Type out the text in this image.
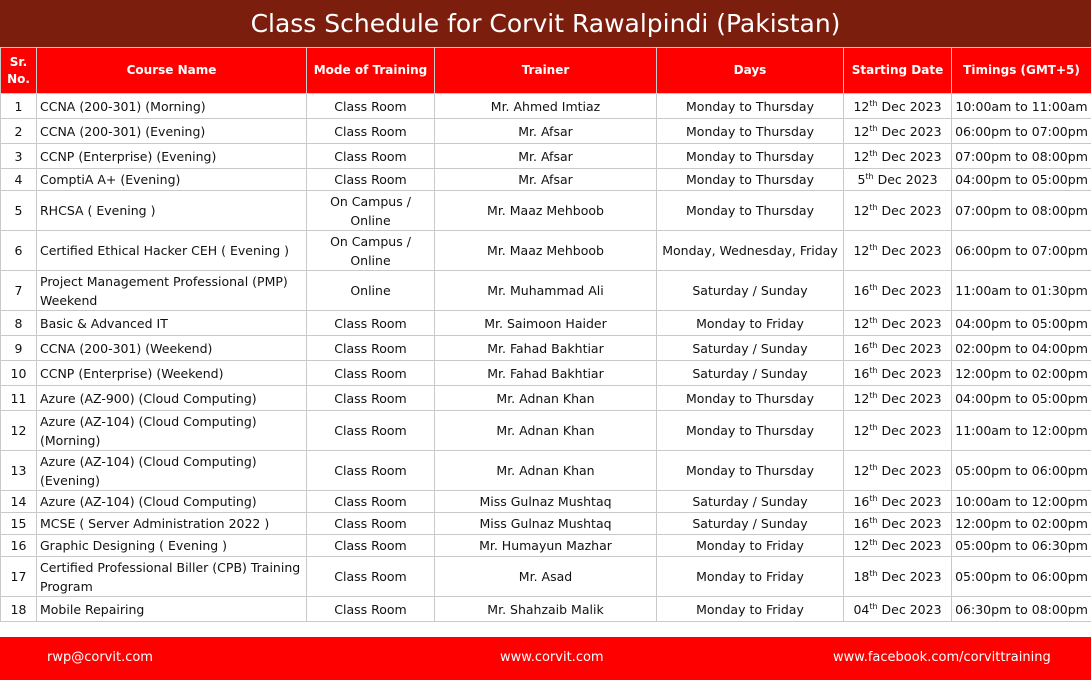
Class Schedule for Corvit Rawalpindi (Pakistan)
Sr. No.	Course Name	Mode of Training	Trainer	Days	Starting Date	Timings (GMT+5)
1	CCNA (200-301) (Morning)	Class Room	Mr. Ahmed Imtiaz	Monday to Thursday	12th Dec 2023	10:00am to 11:00am
2	CCNA (200-301) (Evening)	Class Room	Mr. Afsar	Monday to Thursday	12th Dec 2023	06:00pm to 07:00pm
3	CCNP (Enterprise) (Evening)	Class Room	Mr. Afsar	Monday to Thursday	12th Dec 2023	07:00pm to 08:00pm
4	ComptiA A+ (Evening)	Class Room	Mr. Afsar	Monday to Thursday	5th Dec 2023	04:00pm to 05:00pm
5	RHCSA ( Evening )	On Campus / Online	Mr. Maaz Mehboob	Monday to Thursday	12th Dec 2023	07:00pm to 08:00pm
6	Certified Ethical Hacker CEH ( Evening )	On Campus / Online	Mr. Maaz Mehboob	Monday, Wednesday, Friday	12th Dec 2023	06:00pm to 07:00pm
7	Project Management Professional (PMP) Weekend	Online	Mr. Muhammad Ali	Saturday / Sunday	16th Dec 2023	11:00am to 01:30pm
8	Basic & Advanced IT	Class Room	Mr. Saimoon Haider	Monday to Friday	12th Dec 2023	04:00pm to 05:00pm
9	CCNA (200-301) (Weekend)	Class Room	Mr. Fahad Bakhtiar	Saturday / Sunday	16th Dec 2023	02:00pm to 04:00pm
10	CCNP (Enterprise) (Weekend)	Class Room	Mr. Fahad Bakhtiar	Saturday / Sunday	16th Dec 2023	12:00pm to 02:00pm
11	Azure (AZ-900) (Cloud Computing)	Class Room	Mr. Adnan Khan	Monday to Thursday	12th Dec 2023	04:00pm to 05:00pm
12	Azure (AZ-104) (Cloud Computing) (Morning)	Class Room	Mr. Adnan Khan	Monday to Thursday	12th Dec 2023	11:00am to 12:00pm
13	Azure (AZ-104) (Cloud Computing) (Evening)	Class Room	Mr. Adnan Khan	Monday to Thursday	12th Dec 2023	05:00pm to 06:00pm
14	Azure (AZ-104) (Cloud Computing)	Class Room	Miss Gulnaz Mushtaq	Saturday / Sunday	16th Dec 2023	10:00am to 12:00pm
15	MCSE ( Server Administration 2022 )	Class Room	Miss Gulnaz Mushtaq	Saturday / Sunday	16th Dec 2023	12:00pm to 02:00pm
16	Graphic Designing ( Evening )	Class Room	Mr. Humayun Mazhar	Monday to Friday	12th Dec 2023	05:00pm to 06:30pm
17	Certified Professional Biller (CPB) Training Program	Class Room	Mr. Asad	Monday to Friday	18th Dec 2023	05:00pm to 06:00pm
18	Mobile Repairing	Class Room	Mr. Shahzaib Malik	Monday to Friday	04th Dec 2023	06:30pm to 08:00pm
rwp@corvit.com	www.corvit.com	www.facebook.com/corvittraining
